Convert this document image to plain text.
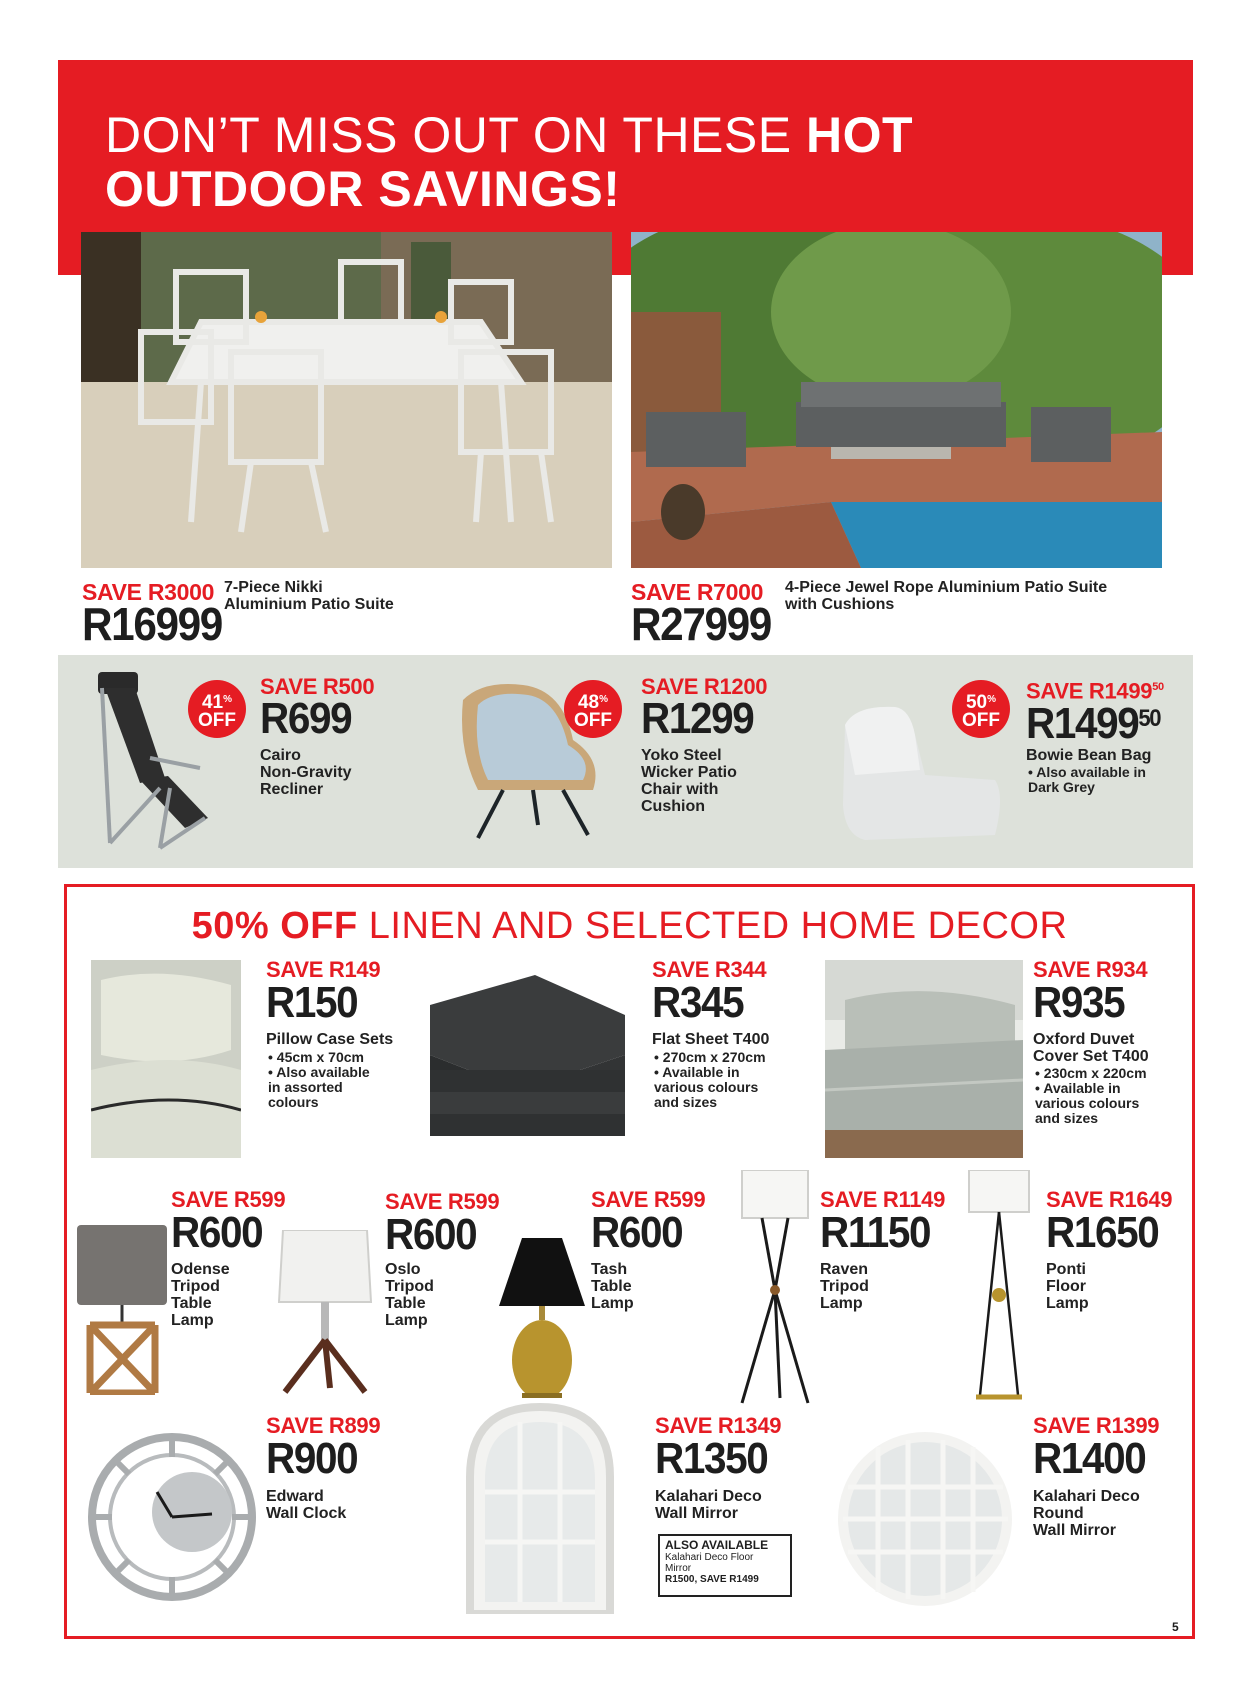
DON’T MISS OUT ON THESE HOT
OUTDOOR SAVINGS!
SAVE R3000
R16999
7-Piece Nikki
Aluminium Patio Suite	SAVE R7000
R27999
4-Piece Jewel Rope Aluminium Patio Suite
with Cushions
41%
OFF
SAVE R500
R699
Cairo
Non-Gravity
Recliner
48%
OFF
SAVE R1200
R1299
Yoko Steel
Wicker Patio
Chair with
Cushion
50%
OFF
SAVE R1499$^{50}$
R1499$^{50}$
Bowie Bean Bag
• Also available in
Dark Grey
50% OFF LINEN AND SELECTED HOME DECOR
SAVE R149
R150
Pillow Case Sets
• 45cm x 70cm
• Also available
in assorted
colours
SAVE R344
R345
Flat Sheet T400
• 270cm x 270cm
• Available in
various colours
and sizes
SAVE R934
R935
Oxford Duvet
Cover Set T400
• 230cm x 220cm
• Available in
various colours
and sizes
SAVE R599
R600
Odense
Tripod
Table
Lamp
SAVE R599
R600
Oslo
Tripod
Table
Lamp
SAVE R599
R600
Tash
Table
Lamp
SAVE R1149
R1150
Raven
Tripod
Lamp
SAVE R1649
R1650
Ponti
Floor
Lamp
SAVE R899
R900
Edward
Wall Clock
SAVE R1349
R1350
Kalahari Deco
Wall Mirror
ALSO AVAILABLE
Kalahari Deco Floor
Mirror
R1500, SAVE R1499
SAVE R1399
R1400
Kalahari Deco
Round
Wall Mirror
5
